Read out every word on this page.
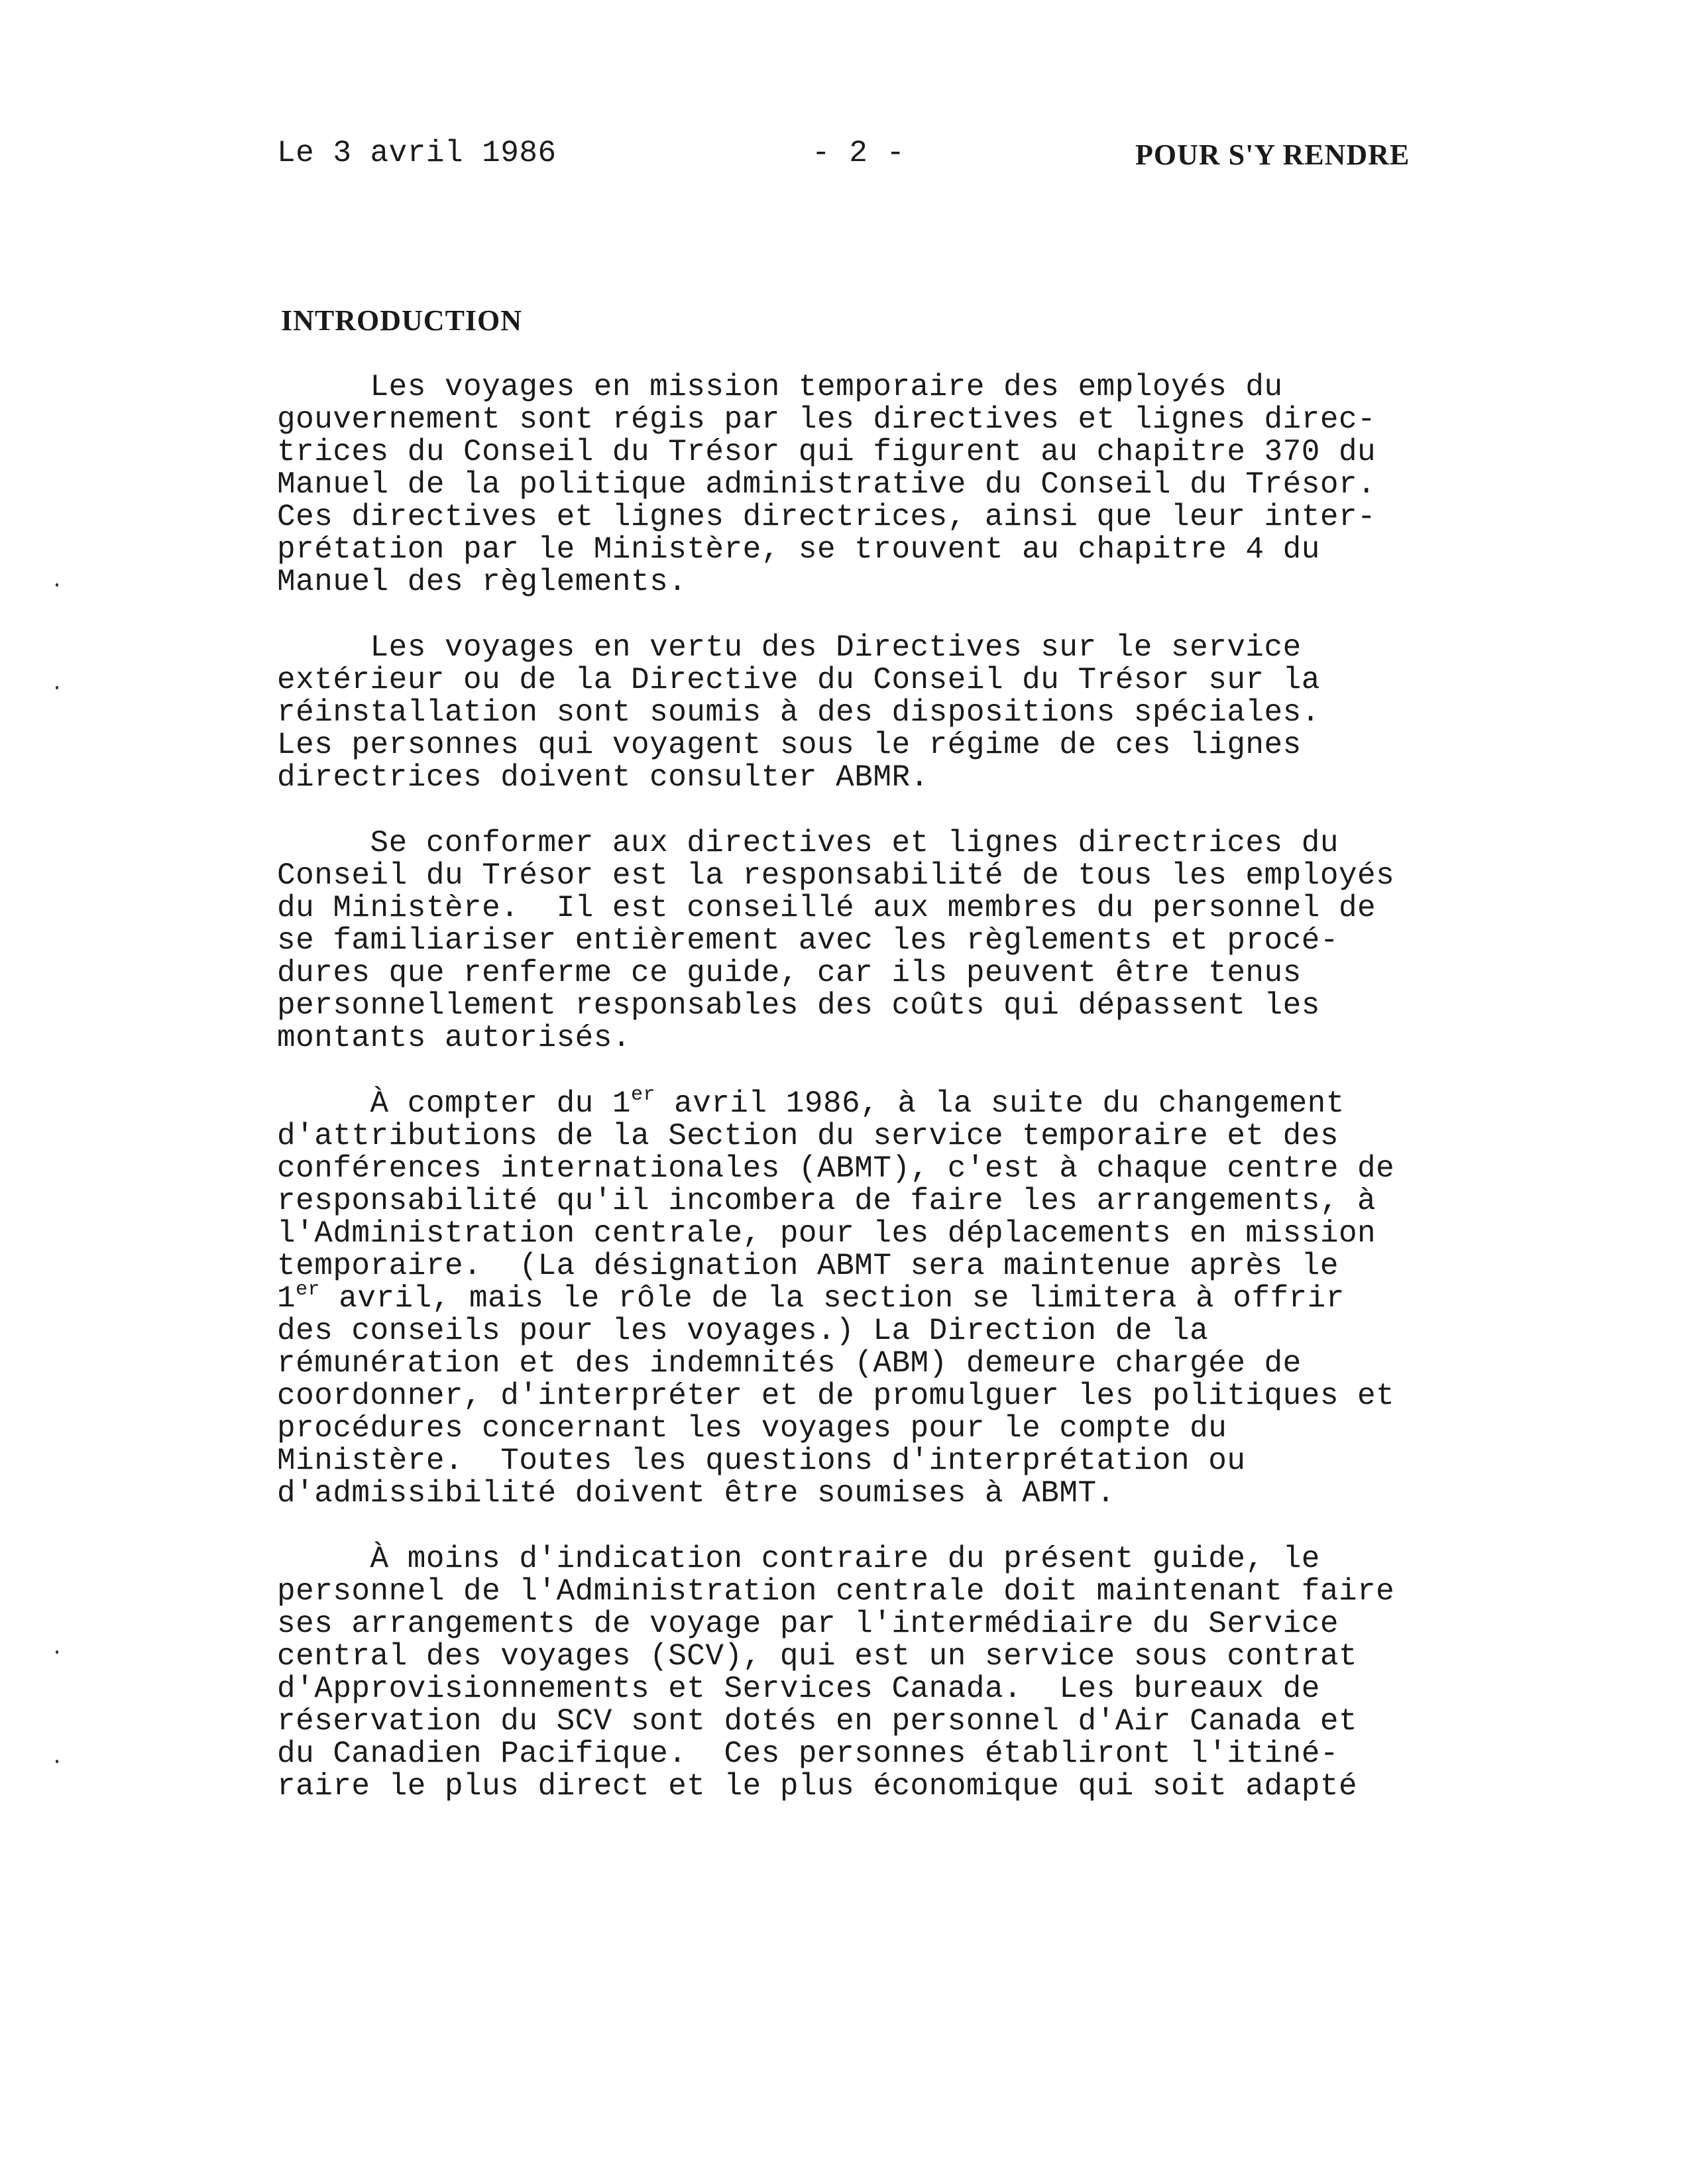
Le 3 avril 1986	- 2 -	POUR S'Y RENDRE
INTRODUCTION
Les voyages en mission temporaire des employés du
gouvernement sont régis par les directives et lignes direc-
trices du Conseil du Trésor qui figurent au chapitre 370 du
Manuel de la politique administrative du Conseil du Trésor.
Ces directives et lignes directrices, ainsi que leur inter-
prétation par le Ministère, se trouvent au chapitre 4 du
Manuel des règlements.
Les voyages en vertu des Directives sur le service
extérieur ou de la Directive du Conseil du Trésor sur la
réinstallation sont soumis à des dispositions spéciales.
Les personnes qui voyagent sous le régime de ces lignes
directrices doivent consulter ABMR.
Se conformer aux directives et lignes directrices du
Conseil du Trésor est la responsabilité de tous les employés
du Ministère.  Il est conseillé aux membres du personnel de
se familiariser entièrement avec les règlements et procé-
dures que renferme ce guide, car ils peuvent être tenus
personnellement responsables des coûts qui dépassent les
montants autorisés.
À compter du 1er avril 1986, à la suite du changement
d'attributions de la Section du service temporaire et des
conférences internationales (ABMT), c'est à chaque centre de
responsabilité qu'il incombera de faire les arrangements, à
l'Administration centrale, pour les déplacements en mission
temporaire.  (La désignation ABMT sera maintenue après le
1er avril, mais le rôle de la section se limitera à offrir
des conseils pour les voyages.) La Direction de la
rémunération et des indemnités (ABM) demeure chargée de
coordonner, d'interpréter et de promulguer les politiques et
procédures concernant les voyages pour le compte du
Ministère.  Toutes les questions d'interprétation ou
d'admissibilité doivent être soumises à ABMT.
À moins d'indication contraire du présent guide, le
personnel de l'Administration centrale doit maintenant faire
ses arrangements de voyage par l'intermédiaire du Service
central des voyages (SCV), qui est un service sous contrat
d'Approvisionnements et Services Canada.  Les bureaux de
réservation du SCV sont dotés en personnel d'Air Canada et
du Canadien Pacifique.  Ces personnes établiront l'itiné-
raire le plus direct et le plus économique qui soit adapté
